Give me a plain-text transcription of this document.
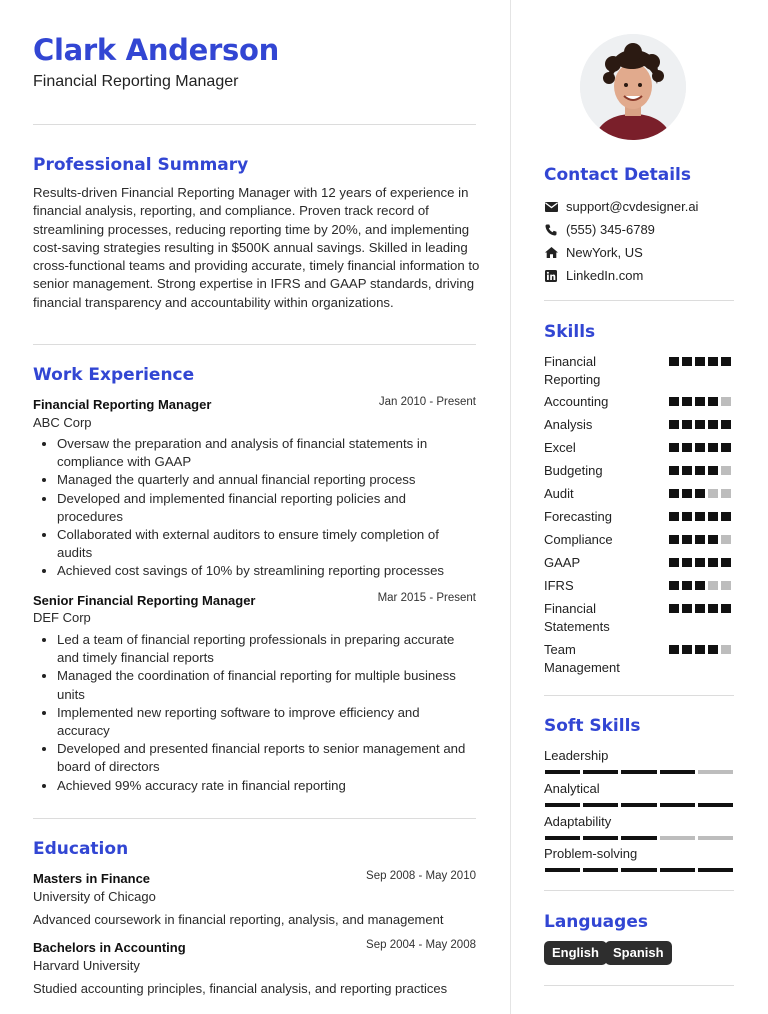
Clark Anderson
Financial Reporting Manager
Professional Summary
Results-driven Financial Reporting Manager with 12 years of experience in financial analysis, reporting, and compliance. Proven track record of streamlining processes, reducing reporting time by 20%, and implementing cost-saving strategies resulting in $500K annual savings. Skilled in leading cross-functional teams and providing accurate, timely financial information to senior management. Strong expertise in IFRS and GAAP standards, driving financial transparency and accountability within organizations.
Work Experience
Financial Reporting Manager	Jan 2010 - Present
ABC Corp
Oversaw the preparation and analysis of financial statements in compliance with GAAP
Managed the quarterly and annual financial reporting process
Developed and implemented financial reporting policies and procedures
Collaborated with external auditors to ensure timely completion of audits
Achieved cost savings of 10% by streamlining reporting processes
Senior Financial Reporting Manager	Mar 2015 - Present
DEF Corp
Led a team of financial reporting professionals in preparing accurate and timely financial reports
Managed the coordination of financial reporting for multiple business units
Implemented new reporting software to improve efficiency and accuracy
Developed and presented financial reports to senior management and board of directors
Achieved 99% accuracy rate in financial reporting
Education
Masters in Finance	Sep 2008 - May 2010
University of Chicago
Advanced coursework in financial reporting, analysis, and management
Bachelors in Accounting	Sep 2004 - May 2008
Harvard University
Studied accounting principles, financial analysis, and reporting practices
Contact Details
support@cvdesigner.ai
(555) 345-6789
NewYork, US
LinkedIn.com
Skills
Financial Reporting
Accounting
Analysis
Excel
Budgeting
Audit
Forecasting
Compliance
GAAP
IFRS
Financial Statements
Team Management
Soft Skills
Leadership
Analytical
Adaptability
Problem-solving
Languages
English	Spanish
